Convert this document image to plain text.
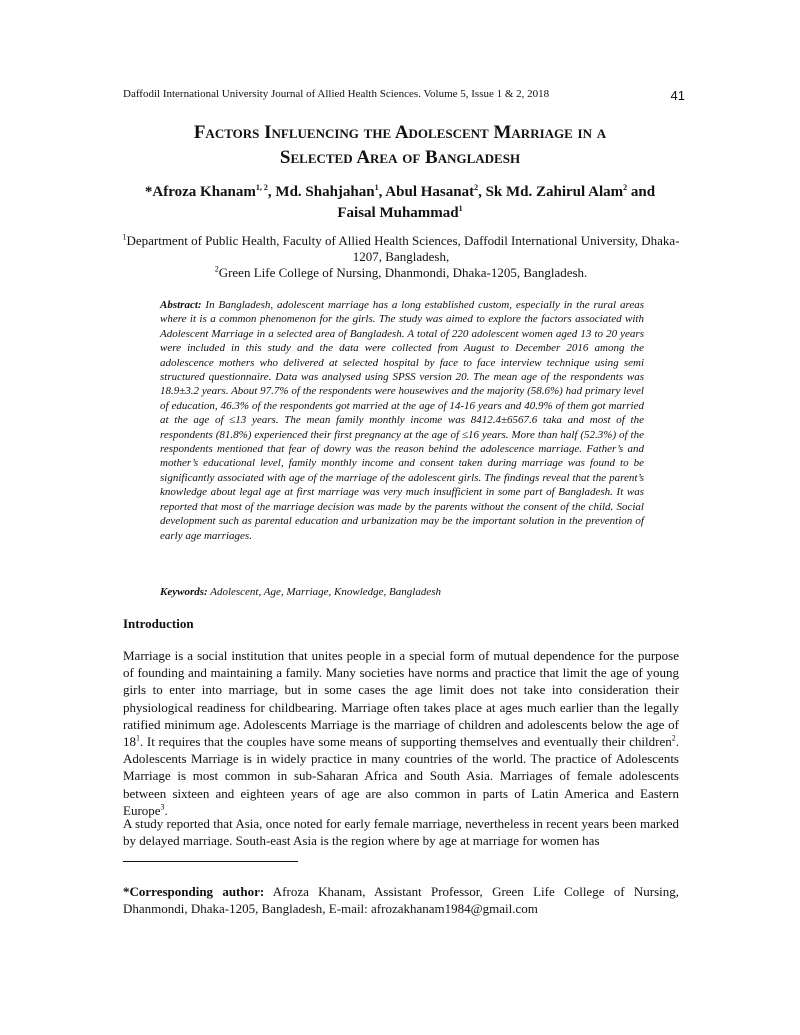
Daffodil International University Journal of Allied Health Sciences. Volume 5, Issue 1 & 2, 2018	41
Factors Influencing the Adolescent Marriage in a
Selected Area of Bangladesh
*Afroza Khanam$^{1, 2}$, Md. Shahjahan$^1$, Abul Hasanat$^2$, Sk Md. Zahirul Alam$^2$ and Faisal Muhammad$^1$
$^1$Department of Public Health, Faculty of Allied Health Sciences, Daffodil International University, Dhaka-1207, Bangladesh,
$^2$Green Life College of Nursing, Dhanmondi, Dhaka-1205, Bangladesh.
Abstract: In Bangladesh, adolescent marriage has a long established custom, especially in the rural areas where it is a common phenomenon for the girls. The study was aimed to explore the factors associated with Adolescent Marriage in a selected area of Bangladesh. A total of 220 adolescent women aged 13 to 20 years were included in this study and the data were collected from August to December 2016 among the adolescence mothers who delivered at selected hospital by face to face interview technique using semi structured questionnaire. Data was analysed using SPSS version 20. The mean age of the respondents was 18.9±3.2 years. About 97.7% of the respondents were housewives and the majority (58.6%) had primary level of education, 46.3% of the respondents got married at the age of 14-16 years and 40.9% of them got married at the age of ≤13 years. The mean family monthly income was 8412.4±6567.6 taka and most of the respondents (81.8%) experienced their first pregnancy at the age of ≤16 years. More than half (52.3%) of the respondents mentioned that fear of dowry was the reason behind the adolescence marriage. Father’s and mother’s educational level, family monthly income and consent taken during marriage was found to be significantly associated with age of the marriage of the adolescent girls. The findings reveal that the parent’s knowledge about legal age at first marriage was very much insufficient in some part of Bangladesh. It was reported that most of the marriage decision was made by the parents without the consent of the child. Social development such as parental education and urbanization may be the important solution in the prevention of early age marriages.
Keywords: Adolescent, Age, Marriage, Knowledge, Bangladesh
Introduction
Marriage is a social institution that unites people in a special form of mutual dependence for the purpose of founding and maintaining a family. Many societies have norms and practice that limit the age of young girls to enter into marriage, but in some cases the age limit does not take into consideration their physiological readiness for childbearing. Marriage often takes place at ages much earlier than the legally ratified minimum age. Adolescents Marriage is the marriage of children and adolescents below the age of $18^1$. It requires that the couples have some means of supporting themselves and eventually their children$^2$. Adolescents Marriage is in widely practice in many countries of the world. The practice of Adolescents Marriage is most common in sub-Saharan Africa and South Asia. Marriages of female adolescents between sixteen and eighteen years of age are also common in parts of Latin America and Eastern Europe$^3$.
A study reported that Asia, once noted for early female marriage, nevertheless in recent years been marked by delayed marriage. South-east Asia is the region where by age at marriage for women has
*Corresponding author: Afroza Khanam, Assistant Professor, Green Life College of Nursing, Dhanmondi, Dhaka-1205, Bangladesh, E-mail: afrozakhanam1984@gmail.com
